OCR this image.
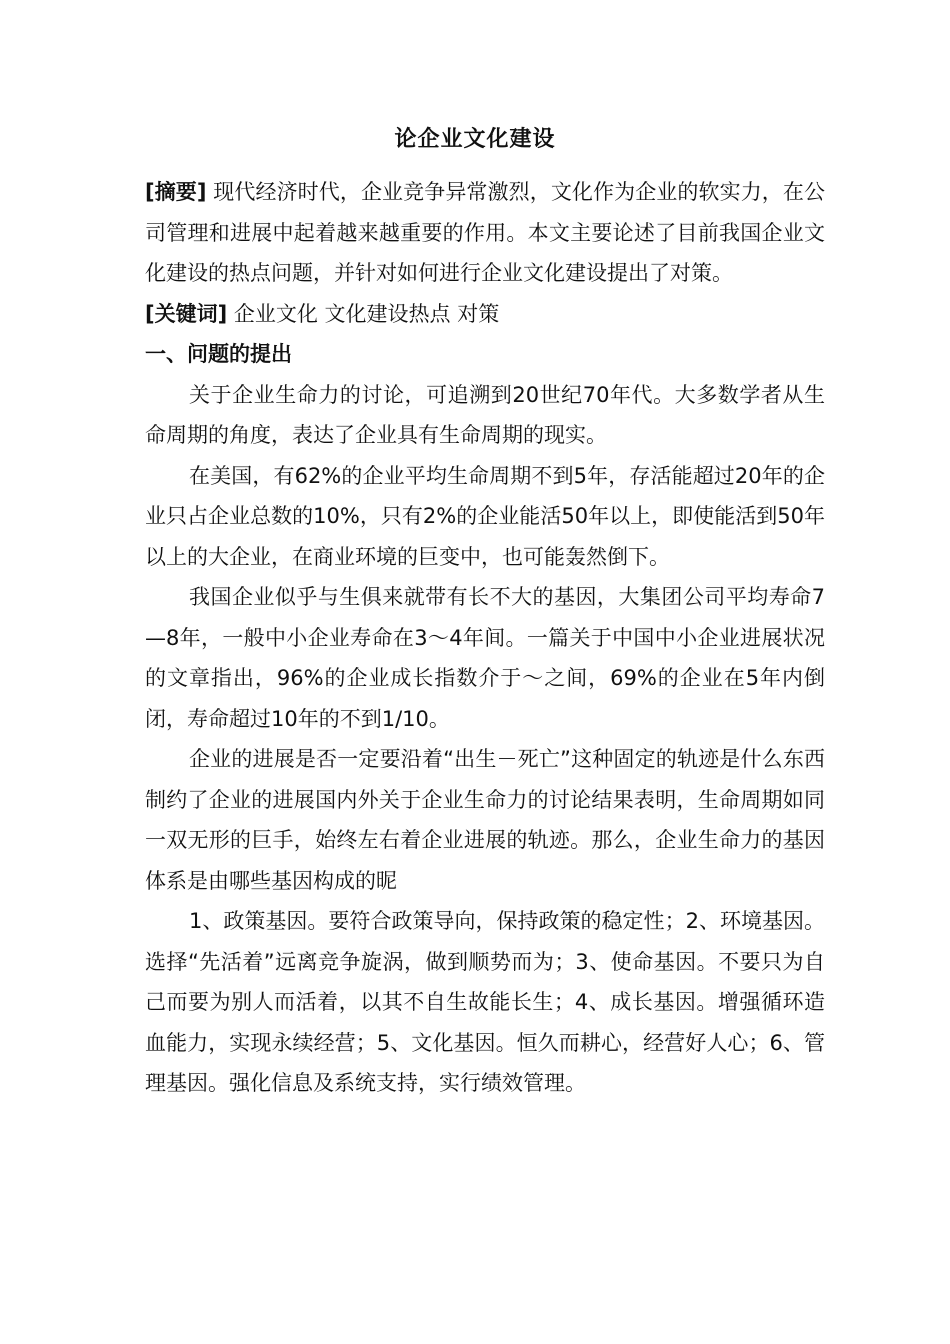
论企业文化建设

[摘要] 现代经济时代，企业竞争异常激烈，文化作为企业的软实力，在公司管理和进展中起着越来越重要的作用。本文主要论述了目前我国企业文化建设的热点问题，并针对如何进行企业文化建设提出了对策。

[关键词] 企业文化 文化建设热点 对策

一、问题的提出

关于企业生命力的讨论，可追溯到20世纪70年代。大多数学者从生命周期的角度，表达了企业具有生命周期的现实。

在美国，有62%的企业平均生命周期不到5年，存活能超过20年的企业只占企业总数的10%，只有2%的企业能活50年以上，即使能活到50年以上的大企业，在商业环境的巨变中，也可能轰然倒下。

我国企业似乎与生俱来就带有长不大的基因，大集团公司平均寿命7—8年，一般中小企业寿命在3～4年间。一篇关于中国中小企业进展状况的文章指出，96%的企业成长指数介于～之间，69%的企业在5年内倒闭，寿命超过10年的不到1/10。

企业的进展是否一定要沿着“出生－死亡”这种固定的轨迹是什么东西制约了企业的进展国内外关于企业生命力的讨论结果表明，生命周期如同一双无形的巨手，始终左右着企业进展的轨迹。那么，企业生命力的基因体系是由哪些基因构成的昵

1、政策基因。要符合政策导向，保持政策的稳定性；2、环境基因。选择“先活着”远离竞争旋涡，做到顺势而为；3、使命基因。不要只为自己而要为别人而活着，以其不自生故能长生；4、成长基因。增强循环造血能力，实现永续经营；5、文化基因。恒久而耕心，经营好人心；6、管理基因。强化信息及系统支持，实行绩效管理。
